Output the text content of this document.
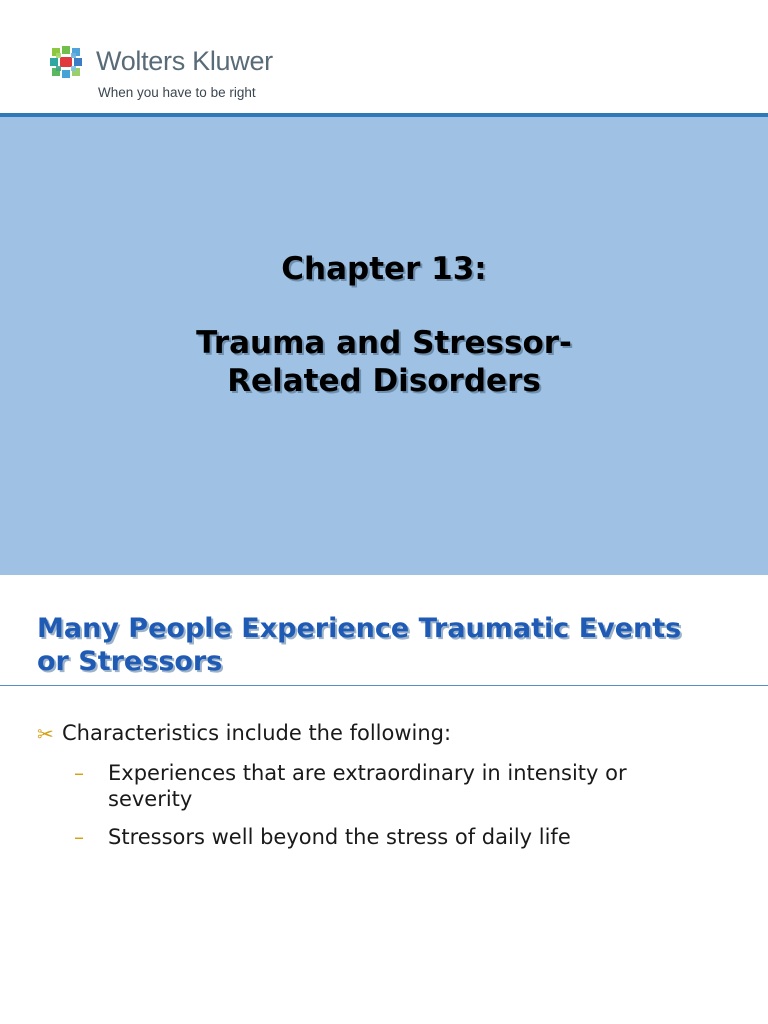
Wolters Kluwer
When you have to be right
Chapter 13:
Trauma and Stressor-
Related Disorders
Many People Experience Traumatic Events
or Stressors
✂ Characteristics include the following:
– Experiences that are extraordinary in intensity or
severity
– Stressors well beyond the stress of daily life
